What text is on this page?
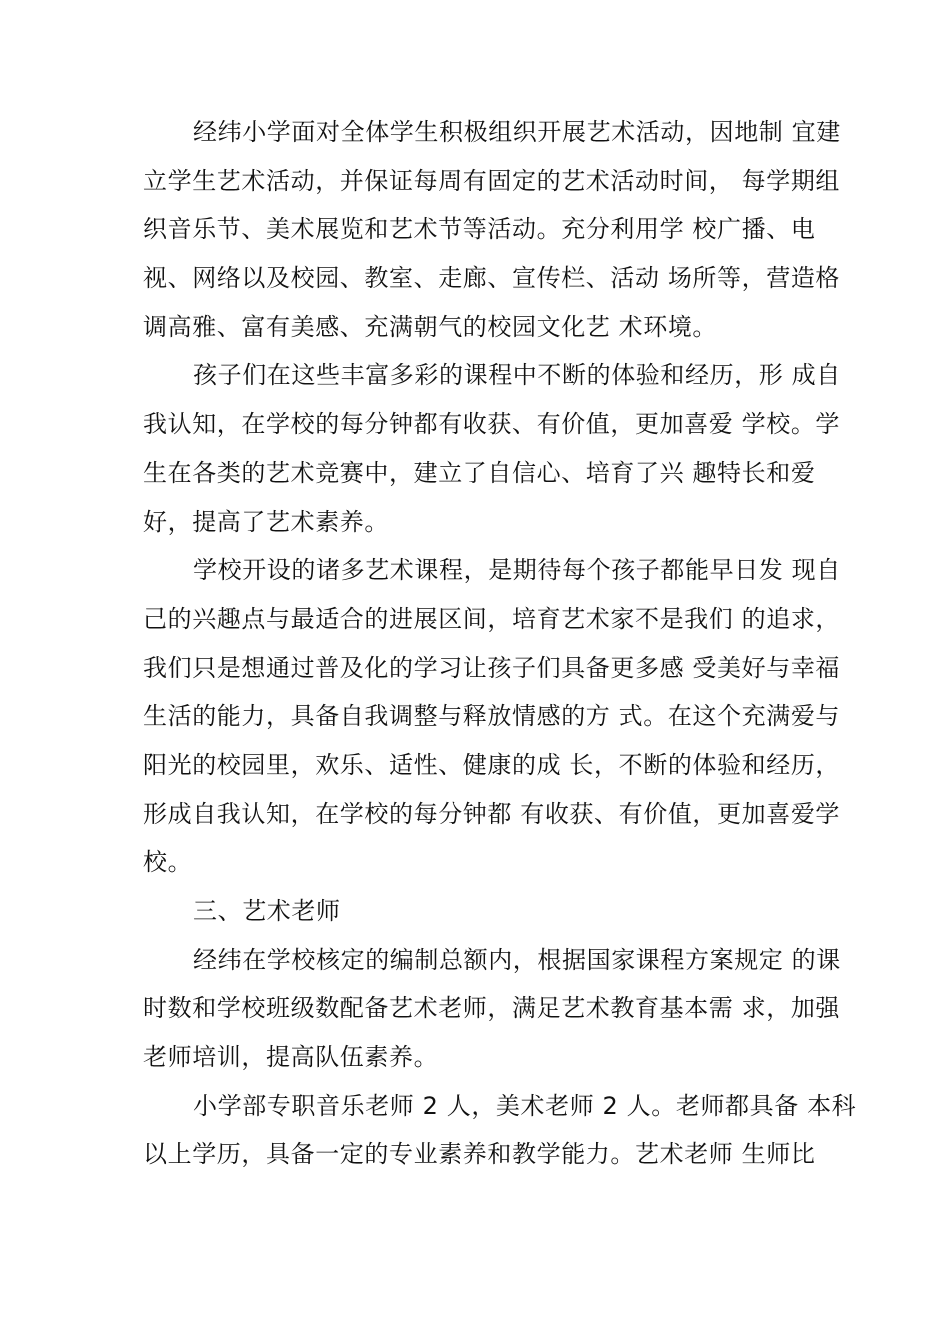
经纬小学面对全体学生积极组织开展艺术活动，因地制 宜建
立学生艺术活动，并保证每周有固定的艺术活动时间， 每学期组
织音乐节、美术展览和艺术节等活动。充分利用学 校广播、电
视、网络以及校园、教室、走廊、宣传栏、活动 场所等，营造格
调高雅、富有美感、充满朝气的校园文化艺 术环境。
孩子们在这些丰富多彩的课程中不断的体验和经历，形 成自
我认知，在学校的每分钟都有收获、有价值，更加喜爱 学校。学
生在各类的艺术竞赛中，建立了自信心、培育了兴 趣特长和爱
好，提高了艺术素养。
学校开设的诸多艺术课程，是期待每个孩子都能早日发 现自
己的兴趣点与最适合的进展区间，培育艺术家不是我们 的追求，
我们只是想通过普及化的学习让孩子们具备更多感 受美好与幸福
生活的能力，具备自我调整与释放情感的方 式。在这个充满爱与
阳光的校园里，欢乐、适性、健康的成 长，不断的体验和经历，
形成自我认知，在学校的每分钟都 有收获、有价值，更加喜爱学
校。
三、艺术老师
经纬在学校核定的编制总额内，根据国家课程方案规定 的课
时数和学校班级数配备艺术老师，满足艺术教育基本需 求，加强
老师培训，提高队伍素养。
小学部专职音乐老师 2 人，美术老师 2 人。老师都具备 本科
以上学历，具备一定的专业素养和教学能力。艺术老师 生师比
